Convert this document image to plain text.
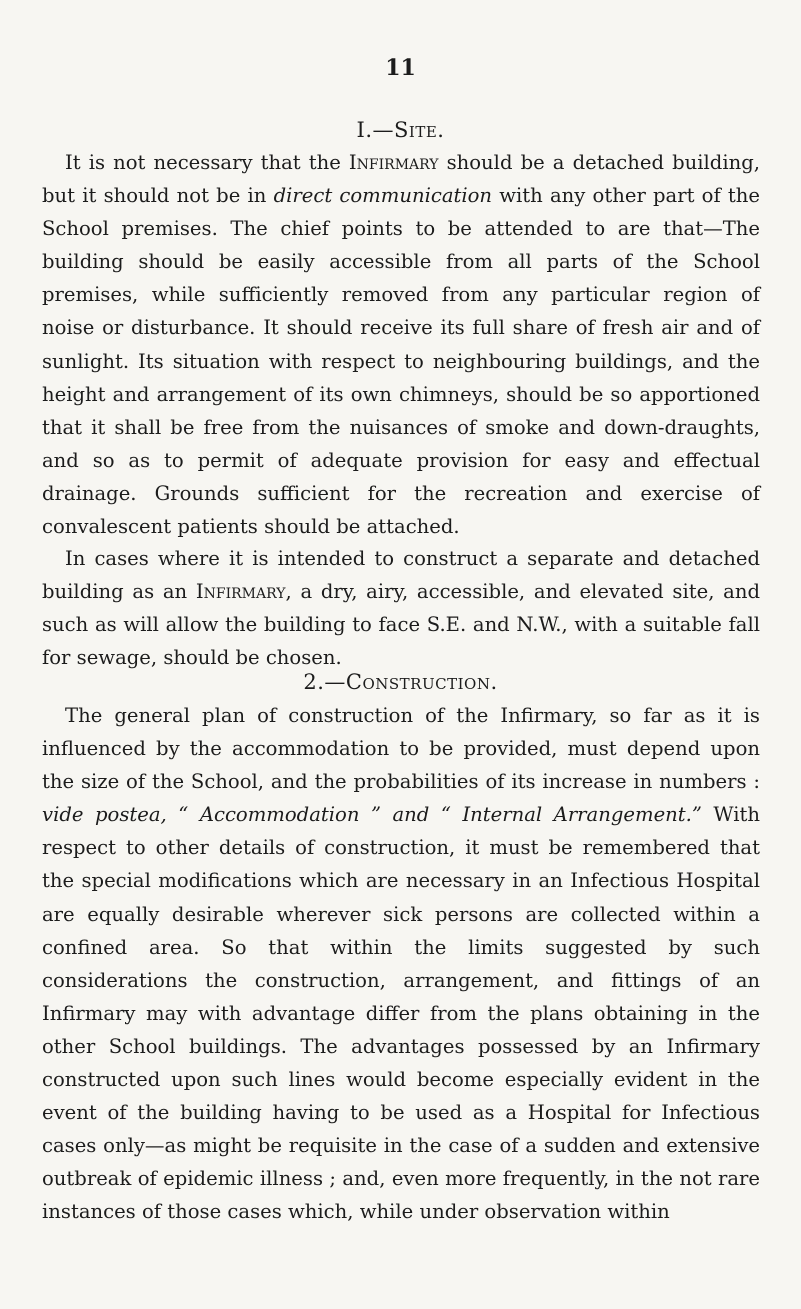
11
I.—Site.

It is not necessary that the Infirmary should be a detached building, but it should not be in direct communication with any other part of the School premises. The chief points to be attended to are that—The building should be easily accessible from all parts of the School premises, while sufficiently removed from any particular region of noise or disturbance. It should receive its full share of fresh air and of sunlight. Its situation with respect to neighbouring buildings, and the height and arrangement of its own chimneys, should be so apportioned that it shall be free from the nuisances of smoke and down-draughts, and so as to permit of adequate provision for easy and effectual drainage. Grounds sufficient for the recreation and exercise of convalescent patients should be attached.

In cases where it is intended to construct a separate and detached building as an Infirmary, a dry, airy, accessible, and elevated site, and such as will allow the building to face S.E. and N.W., with a suitable fall for sewage, should be chosen.

2.—Construction.

The general plan of construction of the Infirmary, so far as it is influenced by the accommodation to be provided, must depend upon the size of the School, and the probabilities of its increase in numbers : vide postea, “ Accommodation ” and “ Internal Arrangement.” With respect to other details of construction, it must be remembered that the special modifications which are necessary in an Infectious Hospital are equally desirable wherever sick persons are collected within a confined area. So that within the limits suggested by such considerations the construction, arrangement, and fittings of an Infirmary may with advantage differ from the plans obtaining in the other School buildings. The advantages possessed by an Infirmary constructed upon such lines would become especially evident in the event of the building having to be used as a Hospital for Infectious cases only—as might be requisite in the case of a sudden and extensive outbreak of epidemic illness ; and, even more frequently, in the not rare instances of those cases which, while under observation within
